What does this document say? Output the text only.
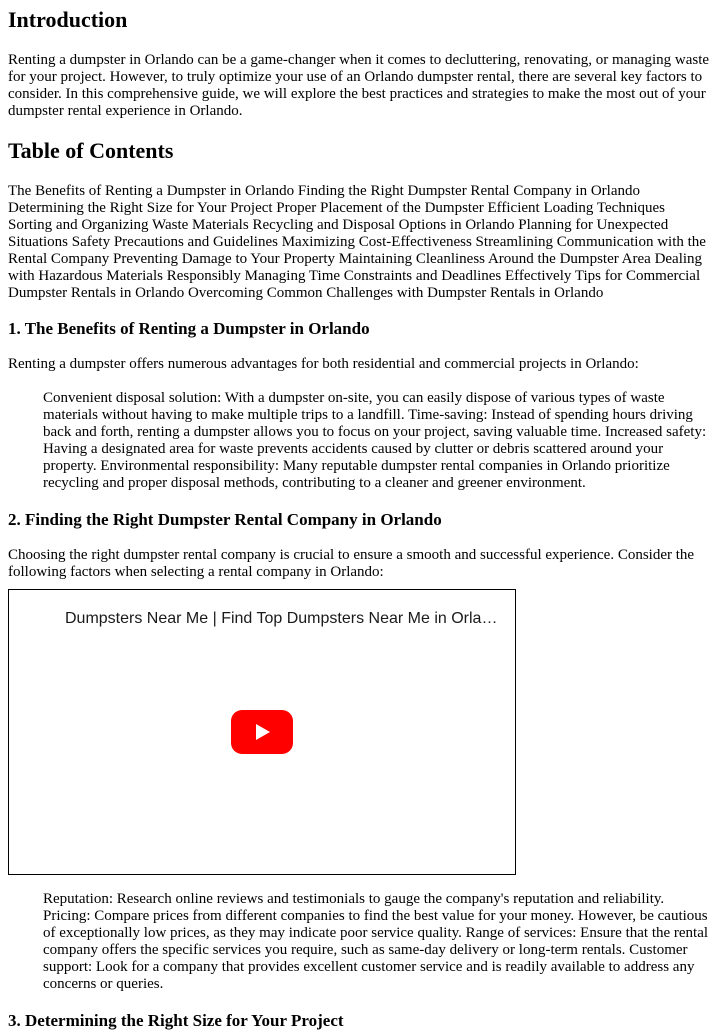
Introduction

Renting a dumpster in Orlando can be a game-changer when it comes to decluttering, renovating, or managing waste for your project. However, to truly optimize your use of an Orlando dumpster rental, there are several key factors to consider. In this comprehensive guide, we will explore the best practices and strategies to make the most out of your dumpster rental experience in Orlando.

Table of Contents

The Benefits of Renting a Dumpster in Orlando Finding the Right Dumpster Rental Company in Orlando Determining the Right Size for Your Project Proper Placement of the Dumpster Efficient Loading Techniques Sorting and Organizing Waste Materials Recycling and Disposal Options in Orlando Planning for Unexpected Situations Safety Precautions and Guidelines Maximizing Cost-Effectiveness Streamlining Communication with the Rental Company Preventing Damage to Your Property Maintaining Cleanliness Around the Dumpster Area Dealing with Hazardous Materials Responsibly Managing Time Constraints and Deadlines Effectively Tips for Commercial Dumpster Rentals in Orlando Overcoming Common Challenges with Dumpster Rentals in Orlando

1. The Benefits of Renting a Dumpster in Orlando

Renting a dumpster offers numerous advantages for both residential and commercial projects in Orlando:

Convenient disposal solution: With a dumpster on-site, you can easily dispose of various types of waste materials without having to make multiple trips to a landfill. Time-saving: Instead of spending hours driving back and forth, renting a dumpster allows you to focus on your project, saving valuable time. Increased safety: Having a designated area for waste prevents accidents caused by clutter or debris scattered around your property. Environmental responsibility: Many reputable dumpster rental companies in Orlando prioritize recycling and proper disposal methods, contributing to a cleaner and greener environment.
2. Finding the Right Dumpster Rental Company in Orlando

Choosing the right dumpster rental company is crucial to ensure a smooth and successful experience. Consider the following factors when selecting a rental company in Orlando:

Dumpsters Near Me | Find Top Dumpsters Near Me in Orla…
Reputation: Research online reviews and testimonials to gauge the company's reputation and reliability. Pricing: Compare prices from different companies to find the best value for your money. However, be cautious of exceptionally low prices, as they may indicate poor service quality. Range of services: Ensure that the rental company offers the specific services you require, such as same-day delivery or long-term rentals. Customer support: Look for a company that provides excellent customer service and is readily available to address any concerns or queries.
3. Determining the Right Size for Your Project
